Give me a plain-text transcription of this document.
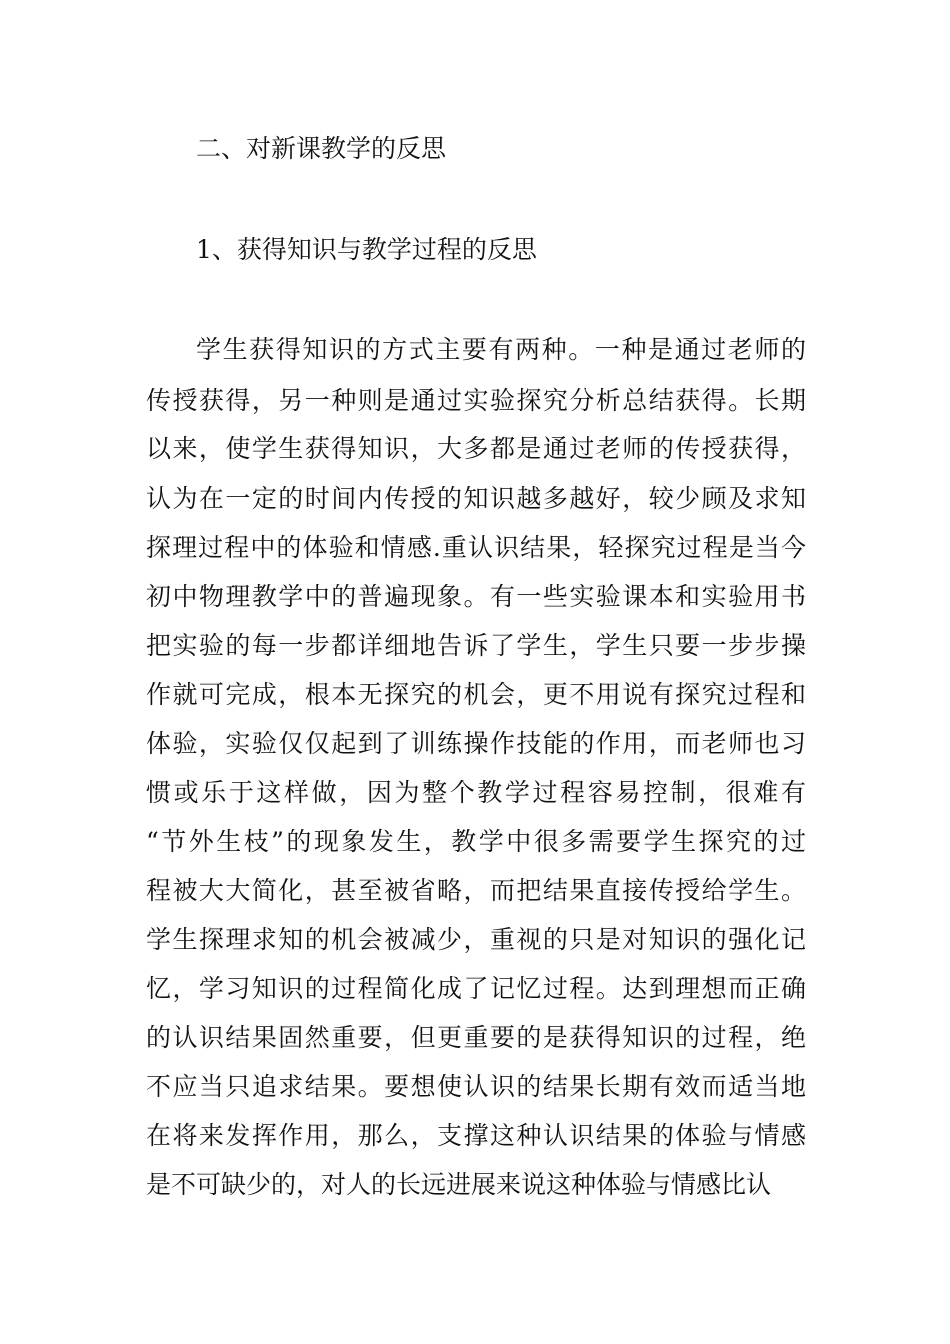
二、对新课教学的反思
1、获得知识与教学过程的反思

学生获得知识的方式主要有两种。一种是通过老师的

传授获得，另一种则是通过实验探究分析总结获得。长期

以来，使学生获得知识，大多都是通过老师的传授获得，

认为在一定的时间内传授的知识越多越好，较少顾及求知

探理过程中的体验和情感.重认识结果，轻探究过程是当今

初中物理教学中的普遍现象。有一些实验课本和实验用书

把实验的每一步都详细地告诉了学生，学生只要一步步操

作就可完成，根本无探究的机会，更不用说有探究过程和

体验，实验仅仅起到了训练操作技能的作用，而老师也习

惯或乐于这样做，因为整个教学过程容易控制，很难有

“节外生枝”的现象发生，教学中很多需要学生探究的过

程被大大简化，甚至被省略，而把结果直接传授给学生。

学生探理求知的机会被减少，重视的只是对知识的强化记

忆，学习知识的过程简化成了记忆过程。达到理想而正确

的认识结果固然重要，但更重要的是获得知识的过程，绝

不应当只追求结果。要想使认识的结果长期有效而适当地

在将来发挥作用，那么，支撑这种认识结果的体验与情感

是不可缺少的，对人的长远进展来说这种体验与情感比认
